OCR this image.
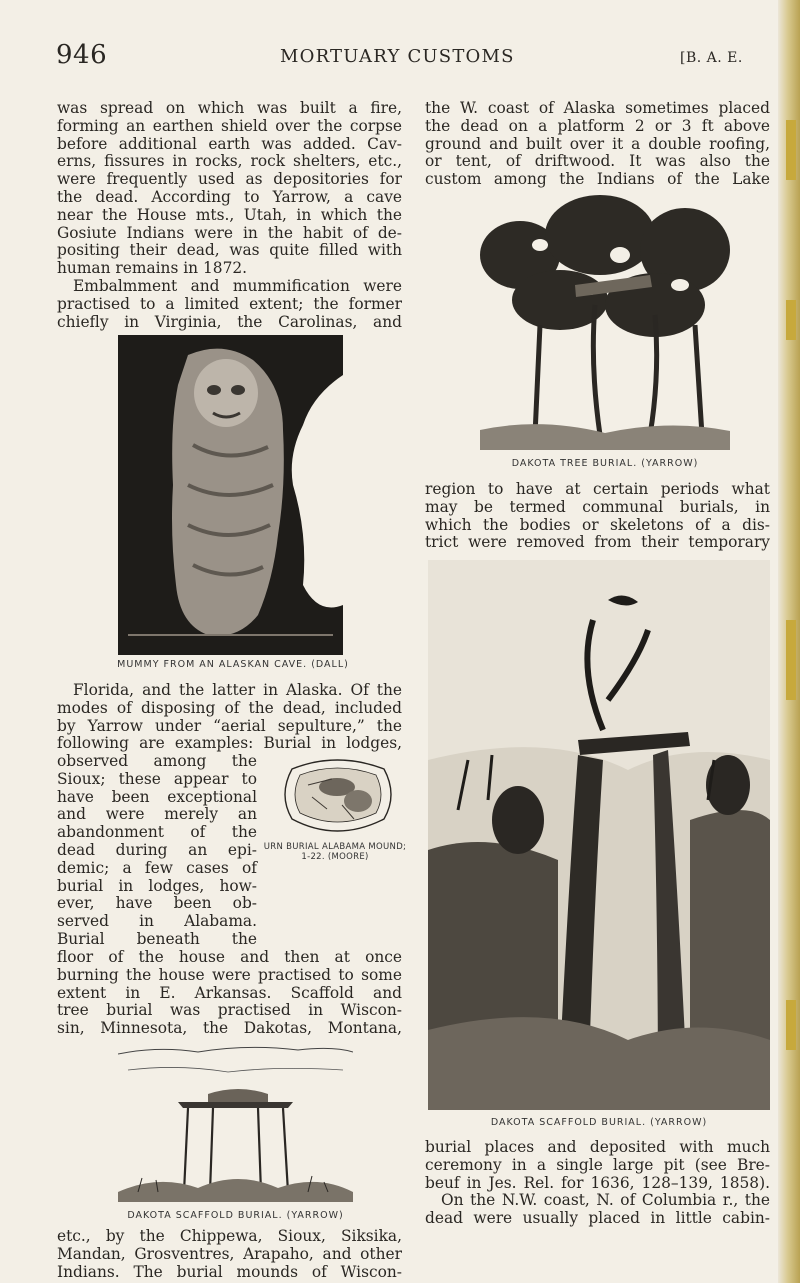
946	MORTUARY CUSTOMS	[B. A. E.
was spread on which was built a fire,
forming an earthen shield over the corpse
before additional earth was added. Cav-
erns, fissures in rocks, rock shelters, etc.,
were frequently used as depositories for
the dead. According to Yarrow, a cave
near the House mts., Utah, in which the
Gosiute Indians were in the habit of de-
positing their dead, was quite filled with
human remains in 1872.
Embalmment and mummification were
practised to a limited extent; the former
chiefly in Virginia, the Carolinas, and
MUMMY FROM AN ALASKAN CAVE. (DALL)
Florida, and the latter in Alaska. Of the
modes of disposing of the dead, included
by Yarrow under “aerial sepulture,” the
following are examples: Burial in lodges,
observed among the
Sioux; these appear to
have been exceptional
and were merely an
abandonment of the
dead during an epi-
demic; a few cases of
burial in lodges, how-
ever, have been ob-
served in Alabama.
Burial beneath the
URN BURIAL ALABAMA MOUND;
1-22. (MOORE)
floor of the house and then at once
burning the house were practised to some
extent in E. Arkansas. Scaffold and
tree burial was practised in Wiscon-
sin, Minnesota, the Dakotas, Montana,
DAKOTA SCAFFOLD BURIAL. (YARROW)
etc., by the Chippewa, Sioux, Siksika,
Mandan, Grosventres, Arapaho, and other
Indians. The burial mounds of Wiscon-
the W. coast of Alaska sometimes placed
the dead on a platform 2 or 3 ft above
ground and built over it a double roofing,
or tent, of driftwood. It was also the
custom among the Indians of the Lake
DAKOTA TREE BURIAL. (YARROW)
region to have at certain periods what
may be termed communal burials, in
which the bodies or skeletons of a dis-
trict were removed from their temporary
DAKOTA SCAFFOLD BURIAL. (YARROW)
burial places and deposited with much
ceremony in a single large pit (see Bre-
beuf in Jes. Rel. for 1636, 128–139, 1858).
On the N.W. coast, N. of Columbia r., the
dead were usually placed in little cabin-
